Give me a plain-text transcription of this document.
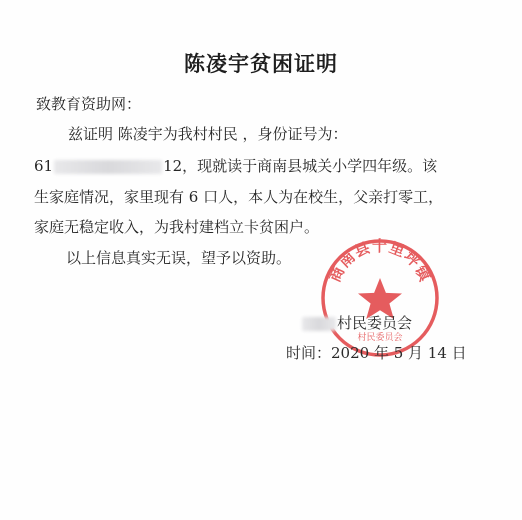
陈凌宇贫困证明
致教育资助网：
兹证明 陈凌宇为我村村民 ，身份证号为：
61	12，现就读于商南县城关小学四年级。该
生家庭情况，家里现有 6 口人，本人为在校生，父亲打零工，
家庭无稳定收入，为我村建档立卡贫困户。
以上信息真实无误，望予以资助。
商南县十里坪镇
村民委员会
村民委员会
时间：2020 年 5 月 14 日
